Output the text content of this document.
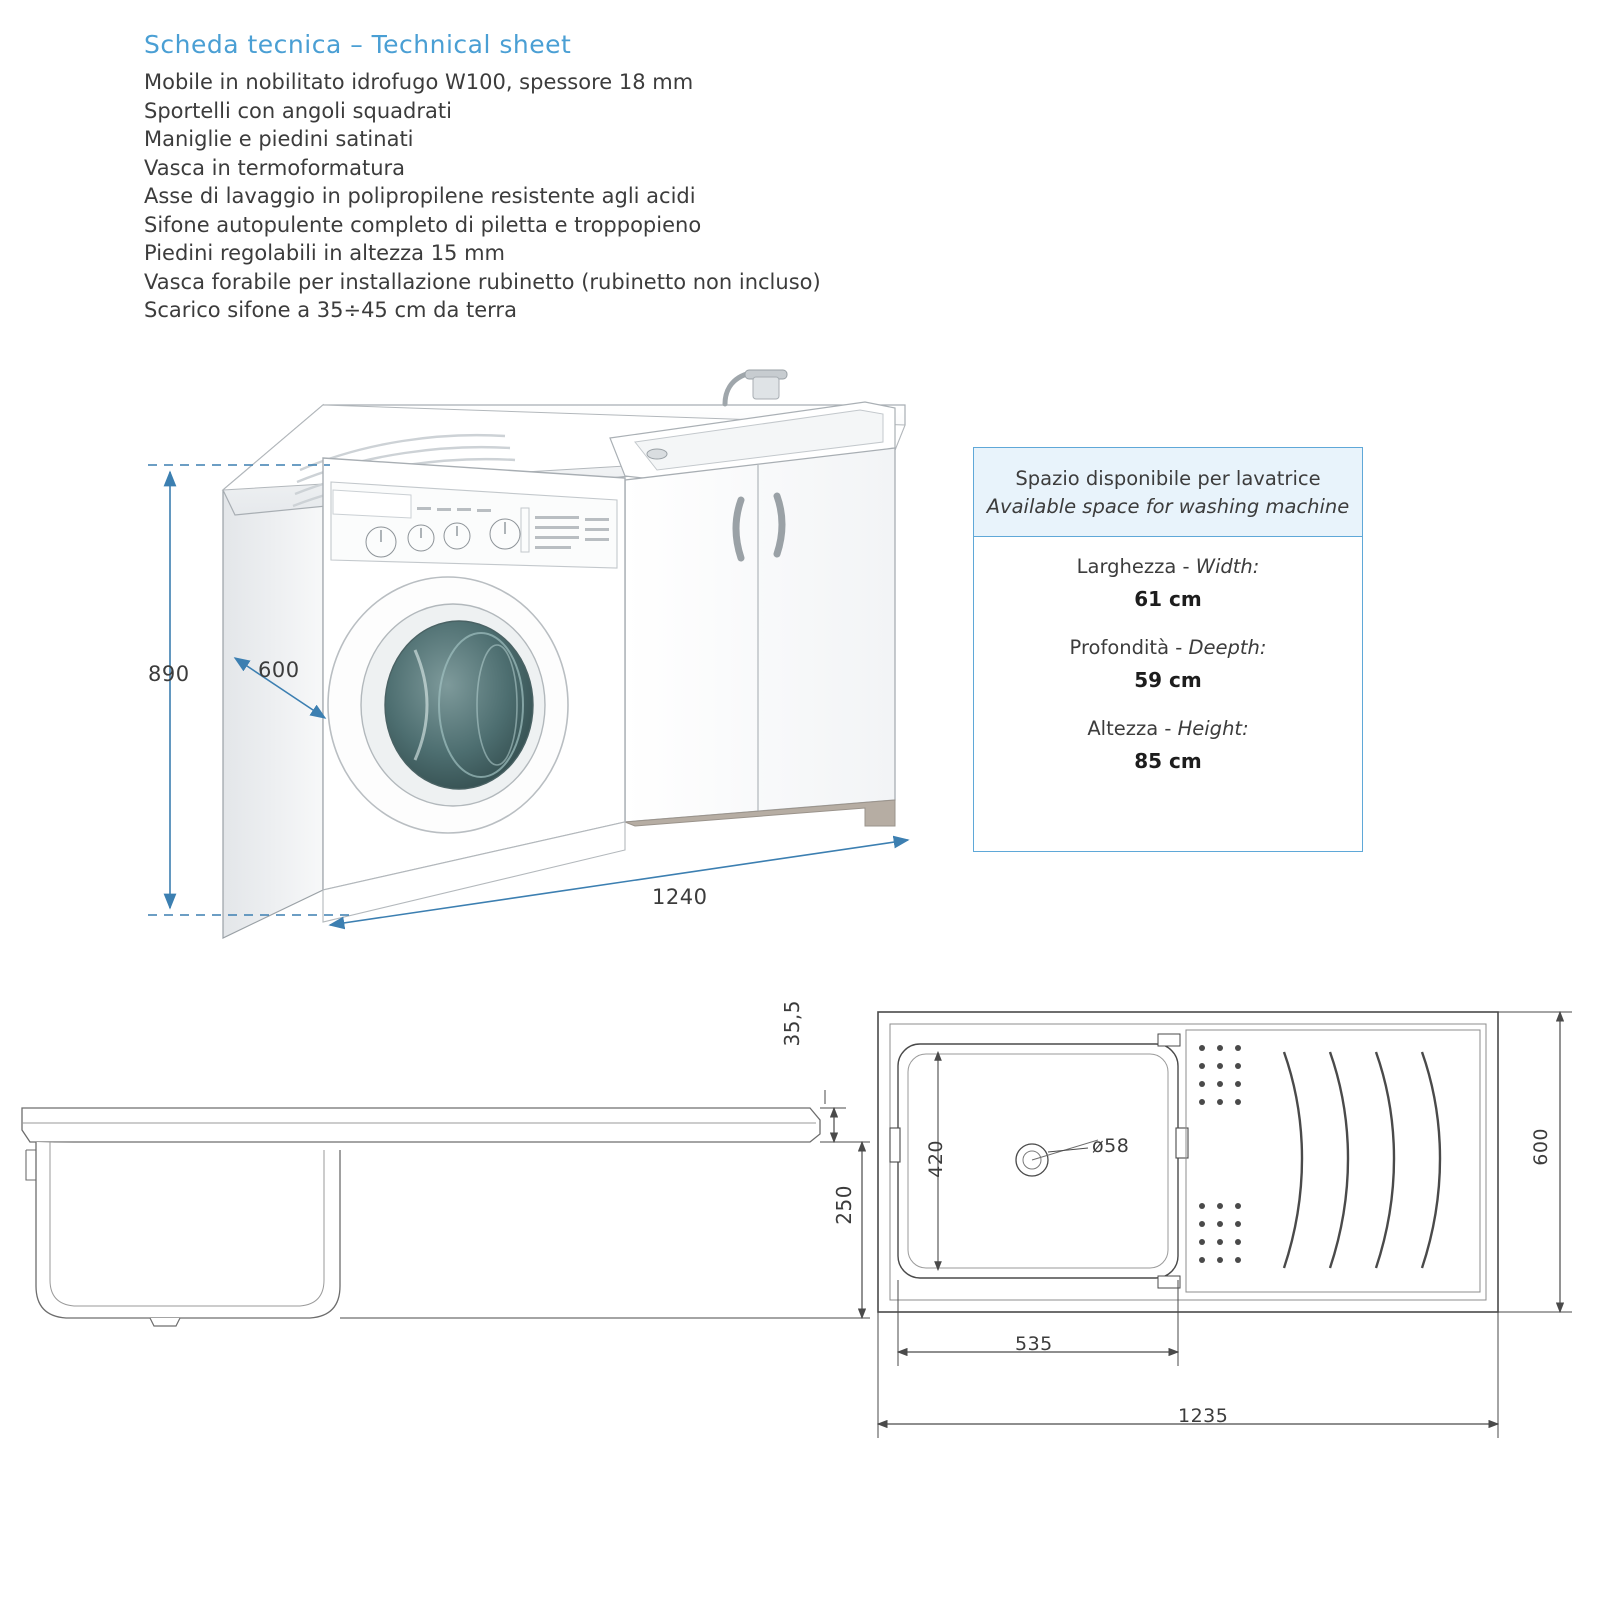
Scheda tecnica – Technical sheet
Mobile in nobilitato idrofugo W100, spessore 18 mm
Sportelli con angoli squadrati
Maniglie e piedini satinati
Vasca in termoformatura
Asse di lavaggio in polipropilene resistente agli acidi
Sifone autopulente completo di piletta e troppopieno
Piedini regolabili in altezza 15 mm
Vasca forabile per installazione rubinetto (rubinetto non incluso)
Scarico sifone a 35÷45 cm da terra
890	600
1240
Spazio disponibile per lavatrice
Available space for washing machine
Larghezza - Width:
61 cm
Profondità - Deepth:
59 cm
Altezza - Height:
85 cm
35,5
250
420	ø58
535
1235
600
